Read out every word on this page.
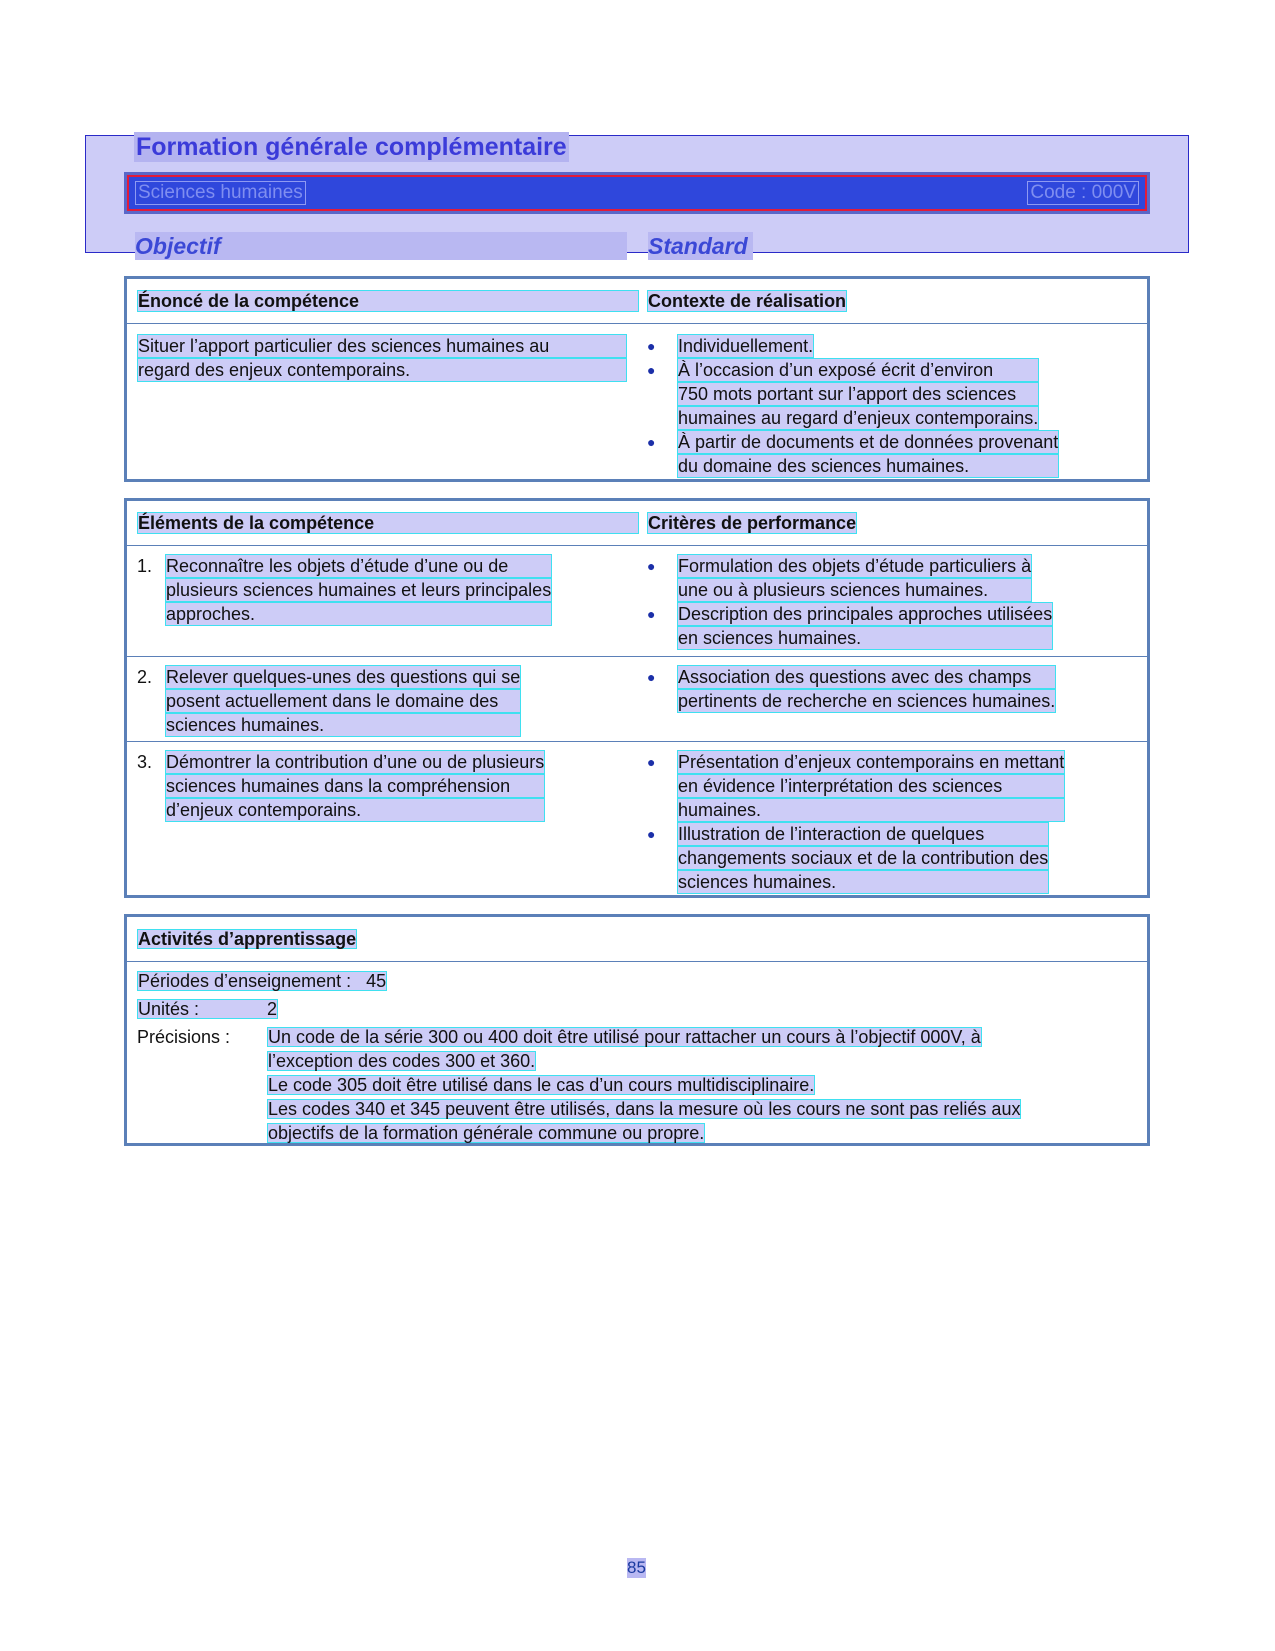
Formation générale complémentaire
Sciences humaines	Code : 000V
Objectif	Standard
Énoncé de la compétence	Contexte de réalisation
Situer l’apport particulier des sciences humaines au
regard des enjeux contemporains.
●	Individuellement.
●	À l’occasion d’un exposé écrit d’environ
750 mots portant sur l’apport des sciences
humaines au regard d’enjeux contemporains.
●	À partir de documents et de données provenant
du domaine des sciences humaines.
Éléments de la compétence	Critères de performance
1. Reconnaître les objets d’étude d’une ou de
plusieurs sciences humaines et leurs principales
approches.
●	Formulation des objets d’étude particuliers à
une ou à plusieurs sciences humaines.
●	Description des principales approches utilisées
en sciences humaines.
2. Relever quelques-unes des questions qui se
posent actuellement dans le domaine des
sciences humaines.
●	Association des questions avec des champs
pertinents de recherche en sciences humaines.
3. Démontrer la contribution d’une ou de plusieurs
sciences humaines dans la compréhension
d’enjeux contemporains.
●	Présentation d’enjeux contemporains en mettant
en évidence l’interprétation des sciences
humaines.
●	Illustration de l’interaction de quelques
changements sociaux et de la contribution des
sciences humaines.
Activités d’apprentissage
Périodes d’enseignement : 45
Unités :	2
Précisions : Un code de la série 300 ou 400 doit être utilisé pour rattacher un cours à l’objectif 000V, à
l’exception des codes 300 et 360.
Le code 305 doit être utilisé dans le cas d’un cours multidisciplinaire.
Les codes 340 et 345 peuvent être utilisés, dans la mesure où les cours ne sont pas reliés aux
objectifs de la formation générale commune ou propre.
85
